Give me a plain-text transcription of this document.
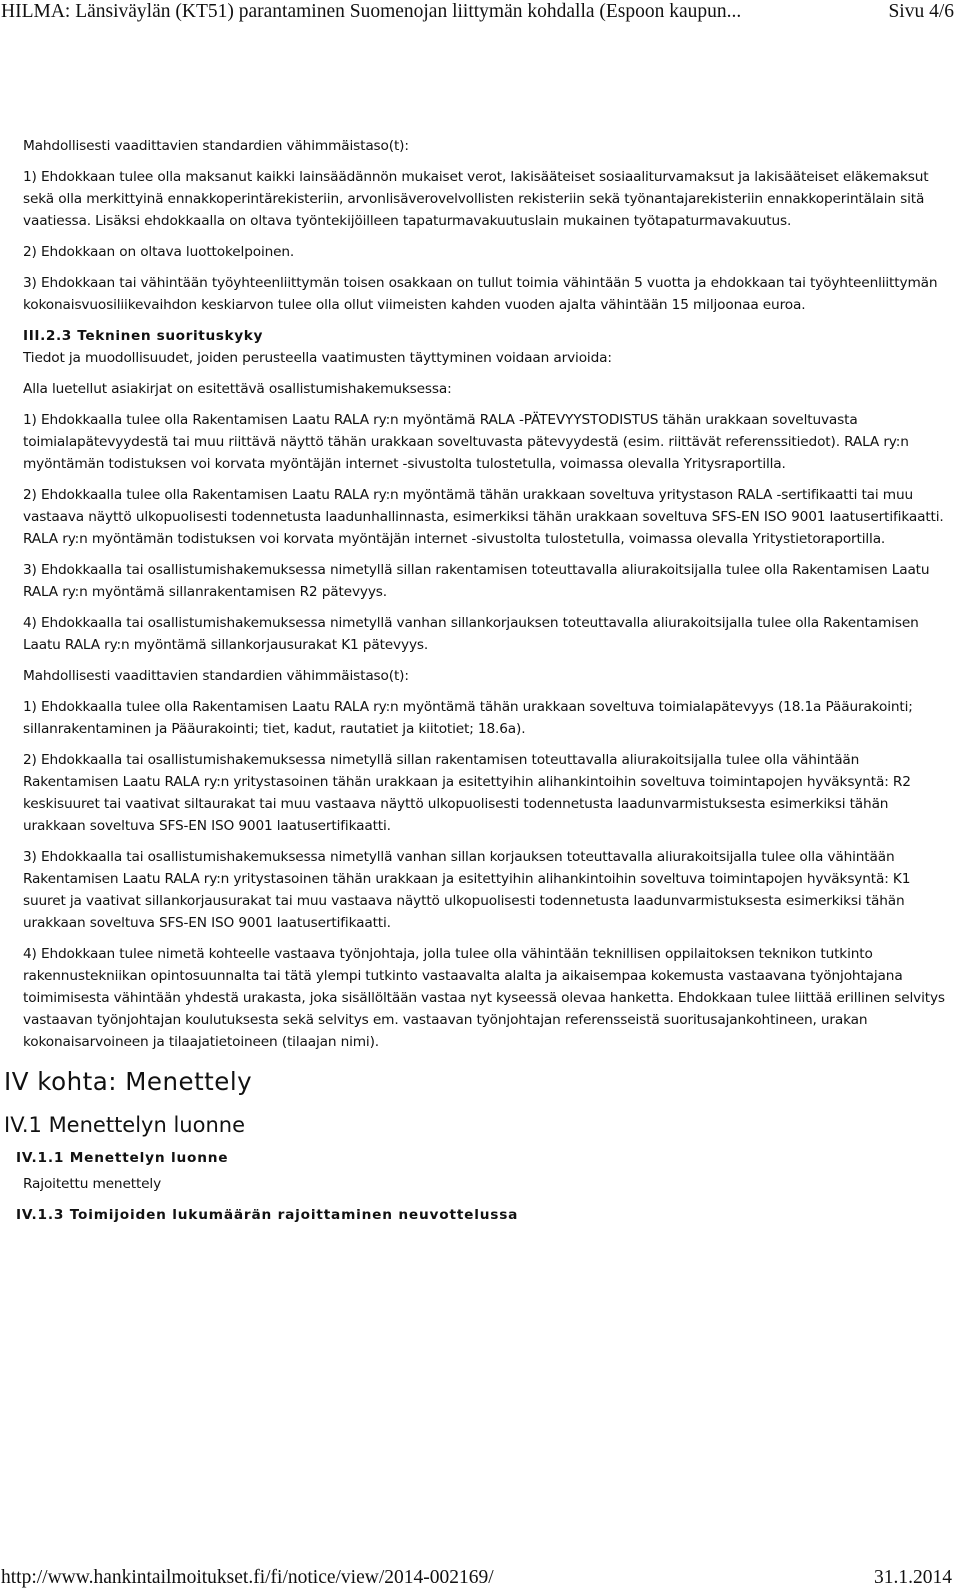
HILMA: Länsiväylän (KT51) parantaminen Suomenojan liittymän kohdalla (Espoon kaupun...	Sivu 4/6

Mahdollisesti vaadittavien standardien vähimmäistaso(t):

1) Ehdokkaan tulee olla maksanut kaikki lainsäädännön mukaiset verot, lakisääteiset sosiaaliturvamaksut ja lakisääteiset eläkemaksut sekä olla merkittyinä ennakkoperintärekisteriin, arvonlisäverovelvollisten rekisteriin sekä työnantajarekisteriin ennakkoperintälain sitä vaatiessa. Lisäksi ehdokkaalla on oltava työntekijöilleen tapaturmavakuutuslain mukainen työtapaturmavakuutus.

2) Ehdokkaan on oltava luottokelpoinen.

3) Ehdokkaan tai vähintään työyhteenliittymän toisen osakkaan on tullut toimia vähintään 5 vuotta ja ehdokkaan tai työyhteenliittymän kokonaisvuosiliikevaihdon keskiarvon tulee olla ollut viimeisten kahden vuoden ajalta vähintään 15 miljoonaa euroa.

III.2.3 Tekninen suorituskyky

Tiedot ja muodollisuudet, joiden perusteella vaatimusten täyttyminen voidaan arvioida:

Alla luetellut asiakirjat on esitettävä osallistumishakemuksessa:

1) Ehdokkaalla tulee olla Rakentamisen Laatu RALA ry:n myöntämä RALA -PÄTEVYYSTODISTUS tähän urakkaan soveltuvasta toimialapätevyydestä tai muu riittävä näyttö tähän urakkaan soveltuvasta pätevyydestä (esim. riittävät referenssitiedot). RALA ry:n myöntämän todistuksen voi korvata myöntäjän internet -sivustolta tulostetulla, voimassa olevalla Yritysraportilla.

2) Ehdokkaalla tulee olla Rakentamisen Laatu RALA ry:n myöntämä tähän urakkaan soveltuva yritystason RALA -sertifikaatti tai muu vastaava näyttö ulkopuolisesti todennetusta laadunhallinnasta, esimerkiksi tähän urakkaan soveltuva SFS-EN ISO 9001 laatusertifikaatti. RALA ry:n myöntämän todistuksen voi korvata myöntäjän internet -sivustolta tulostetulla, voimassa olevalla Yritystietoraportilla.

3) Ehdokkaalla tai osallistumishakemuksessa nimetyllä sillan rakentamisen toteuttavalla aliurakoitsijalla tulee olla Rakentamisen Laatu RALA ry:n myöntämä sillanrakentamisen R2 pätevyys.

4) Ehdokkaalla tai osallistumishakemuksessa nimetyllä vanhan sillankorjauksen toteuttavalla aliurakoitsijalla tulee olla Rakentamisen Laatu RALA ry:n myöntämä sillankorjausurakat K1 pätevyys.

Mahdollisesti vaadittavien standardien vähimmäistaso(t):

1) Ehdokkaalla tulee olla Rakentamisen Laatu RALA ry:n myöntämä tähän urakkaan soveltuva toimialapätevyys (18.1a Pääurakointi; sillanrakentaminen ja Pääurakointi; tiet, kadut, rautatiet ja kiitotiet; 18.6a).

2) Ehdokkaalla tai osallistumishakemuksessa nimetyllä sillan rakentamisen toteuttavalla aliurakoitsijalla tulee olla vähintään Rakentamisen Laatu RALA ry:n yritystasoinen tähän urakkaan ja esitettyihin alihankintoihin soveltuva toimintapojen hyväksyntä: R2 keskisuuret tai vaativat siltaurakat tai muu vastaava näyttö ulkopuolisesti todennetusta laadunvarmistuksesta esimerkiksi tähän urakkaan soveltuva SFS-EN ISO 9001 laatusertifikaatti.

3) Ehdokkaalla tai osallistumishakemuksessa nimetyllä vanhan sillan korjauksen toteuttavalla aliurakoitsijalla tulee olla vähintään Rakentamisen Laatu RALA ry:n yritystasoinen tähän urakkaan ja esitettyihin alihankintoihin soveltuva toimintapojen hyväksyntä: K1 suuret ja vaativat sillankorjausurakat tai muu vastaava näyttö ulkopuolisesti todennetusta laadunvarmistuksesta esimerkiksi tähän urakkaan soveltuva SFS-EN ISO 9001 laatusertifikaatti.

4) Ehdokkaan tulee nimetä kohteelle vastaava työnjohtaja, jolla tulee olla vähintään teknillisen oppilaitoksen teknikon tutkinto rakennustekniikan opintosuunnalta tai tätä ylempi tutkinto vastaavalta alalta ja aikaisempaa kokemusta vastaavana työnjohtajana toimimisesta vähintään yhdestä urakasta, joka sisällöltään vastaa nyt kyseessä olevaa hanketta. Ehdokkaan tulee liittää erillinen selvitys vastaavan työnjohtajan koulutuksesta sekä selvitys em. vastaavan työnjohtajan referensseistä suoritusajankohtineen, urakan kokonaisarvoineen ja tilaajatietoineen (tilaajan nimi).

IV kohta: Menettely
IV.1 Menettelyn luonne
IV.1.1 Menettelyn luonne

Rajoitettu menettely

IV.1.3 Toimijoiden lukumäärän rajoittaminen neuvottelussa
http://www.hankintailmoitukset.fi/fi/notice/view/2014-002169/	31.1.2014
